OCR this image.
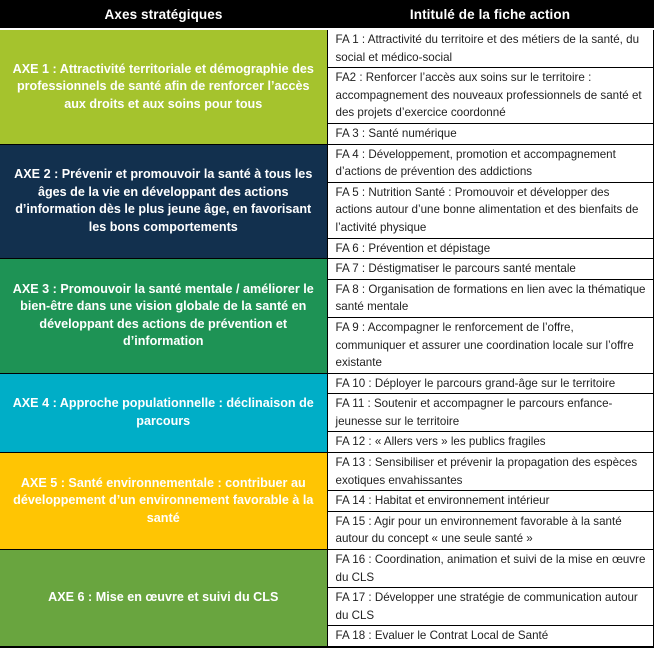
Axes stratégiques	Intitulé de la fiche action
AXE 1 : Attractivité territoriale et démographie des professionnels de santé afin de renforcer l’accès aux droits et aux soins pour tous	FA 1 : Attractivité du territoire et des métiers de la santé, du social et médico-social
	FA2 : Renforcer l’accès aux soins sur le territoire : accompagnement des nouveaux professionnels de santé et des projets d’exercice coordonné
	FA 3 : Santé numérique
AXE 2 : Prévenir et promouvoir la santé à tous les âges de la vie en développant des actions d’information dès le plus jeune âge, en favorisant les bons comportements	FA 4 : Développement, promotion et accompagnement d’actions de prévention des addictions
	FA 5 : Nutrition Santé : Promouvoir et développer des actions autour d’une bonne alimentation et des bienfaits de l’activité physique
	FA 6 : Prévention et dépistage
AXE 3 : Promouvoir la santé mentale / améliorer le bien-être dans une vision globale de la santé en développant des actions de prévention et d’information	FA 7 : Déstigmatiser le parcours santé mentale
	FA 8 : Organisation de formations en lien avec la thématique santé mentale
	FA 9 : Accompagner le renforcement de l’offre, communiquer et assurer une coordination locale sur l’offre existante
AXE 4 : Approche populationnelle : déclinaison de parcours	FA 10 : Déployer le parcours grand-âge sur le territoire
	FA 11 : Soutenir et accompagner le parcours enfance-jeunesse sur le territoire
	FA 12 : « Allers vers » les publics fragiles
AXE 5 : Santé environnementale : contribuer au développement d’un environnement favorable à la santé	FA 13 : Sensibiliser et prévenir la propagation des espèces exotiques envahissantes
	FA 14 : Habitat et environnement intérieur
	FA 15 : Agir pour un environnement favorable à la santé autour du concept « une seule santé »
AXE 6 : Mise en œuvre et suivi du CLS	FA 16 : Coordination, animation et suivi de la mise en œuvre du CLS
	FA 17 : Développer une stratégie de communication autour du CLS
	FA 18 : Evaluer le Contrat Local de Santé
